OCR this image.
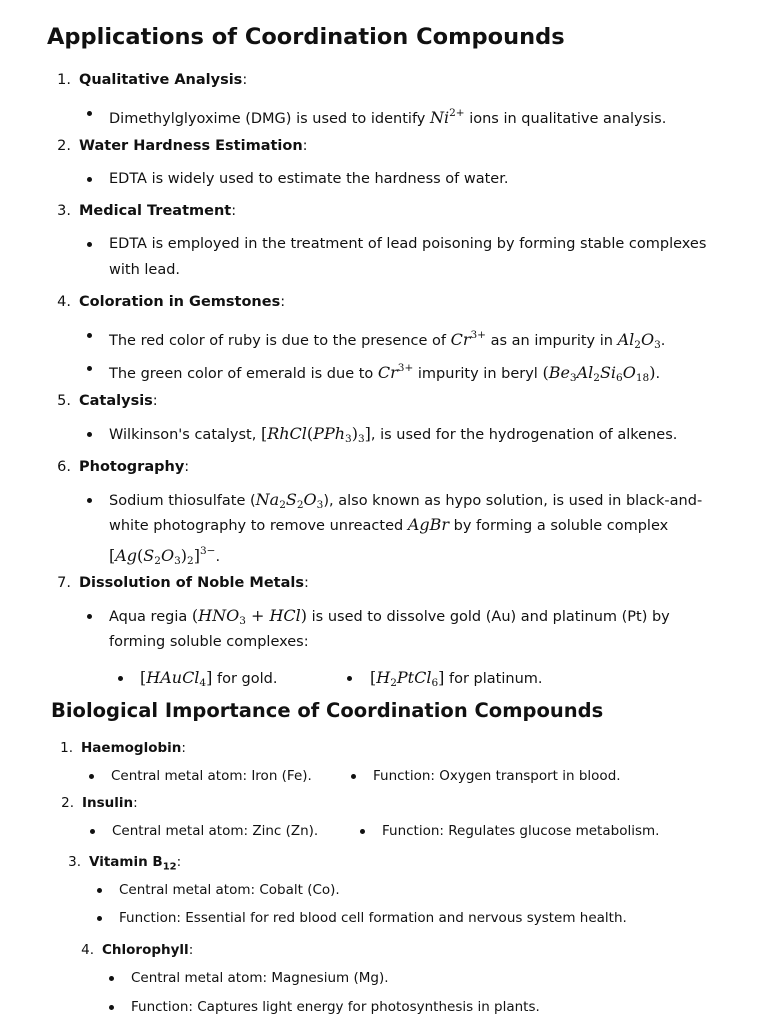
Applications of Coordination Compounds
1. Qualitative Analysis:
Dimethylglyoxime (DMG) is used to identify $Ni^{2+}$ ions in qualitative analysis.
2. Water Hardness Estimation:
EDTA is widely used to estimate the hardness of water.
3. Medical Treatment:
EDTA is employed in the treatment of lead poisoning by forming stable complexes
with lead.
4. Coloration in Gemstones:
The red color of ruby is due to the presence of $Cr^{3+}$ as an impurity in $Al_2O_3$.
The green color of emerald is due to $Cr^{3+}$ impurity in beryl $(Be_3Al_2Si_6O_{18})$.
5. Catalysis:
Wilkinson's catalyst, $[RhCl(PPh_3)_3]$, is used for the hydrogenation of alkenes.
6. Photography:
Sodium thiosulfate $(Na_2S_2O_3)$, also known as hypo solution, is used in black-and-
white photography to remove unreacted AgBr by forming a soluble complex
$[Ag(S_2O_3)_2]^{3-}$.
7. Dissolution of Noble Metals:
Aqua regia $(HNO_3 + HCl)$ is used to dissolve gold (Au) and platinum (Pt) by
forming soluble complexes:
[HAuCl$_4$] for gold.	$[H_2PtCl_6]$ for platinum.
Biological Importance of Coordination Compounds
1. Haemoglobin:
Central metal atom: Iron (Fe).	Function: Oxygen transport in blood.
2. Insulin:
Central metal atom: Zinc (Zn).	Function: Regulates glucose metabolism.
3. Vitamin $B_{12}$:
Central metal atom: Cobalt (Co).
Function: Essential for red blood cell formation and nervous system health.
4. Chlorophyll:
Central metal atom: Magnesium (Mg).
Function: Captures light energy for photosynthesis in plants.
